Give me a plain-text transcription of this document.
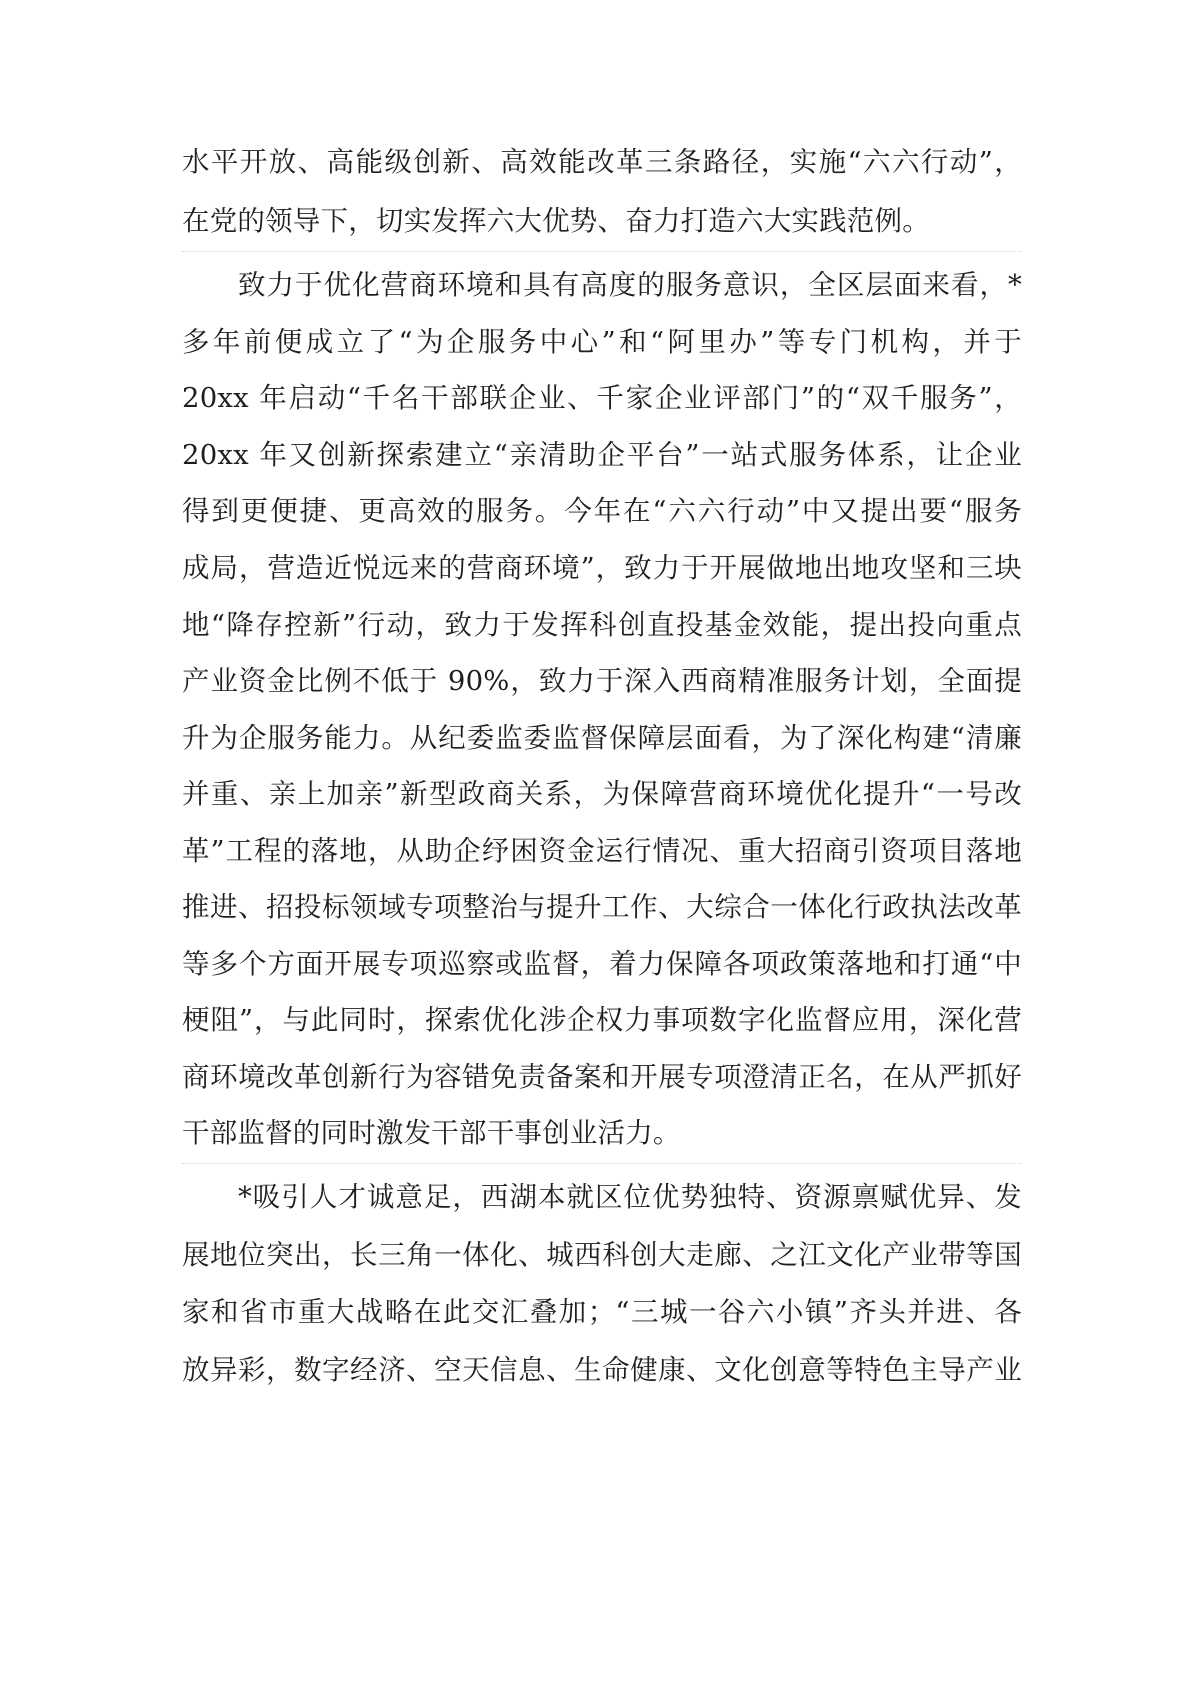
水平开放、高能级创新、高效能改革三条路径，实施“六六行动”，
在党的领导下，切实发挥六大优势、奋力打造六大实践范例。
致力于优化营商环境和具有高度的服务意识，全区层面来看，*
多年前便成立了“为企服务中心”和“阿里办”等专门机构，并于
20xx 年启动“千名干部联企业、千家企业评部门”的“双千服务”，
20xx 年又创新探索建立“亲清助企平台”一站式服务体系，让企业
得到更便捷、更高效的服务。今年在“六六行动”中又提出要“服务
成局，营造近悦远来的营商环境”，致力于开展做地出地攻坚和三块
地“降存控新”行动，致力于发挥科创直投基金效能，提出投向重点
产业资金比例不低于 90%，致力于深入西商精准服务计划，全面提
升为企服务能力。从纪委监委监督保障层面看，为了深化构建“清廉
并重、亲上加亲”新型政商关系，为保障营商环境优化提升“一号改
革”工程的落地，从助企纾困资金运行情况、重大招商引资项目落地
推进、招投标领域专项整治与提升工作、大综合一体化行政执法改革
等多个方面开展专项巡察或监督，着力保障各项政策落地和打通“中
梗阻”，与此同时，探索优化涉企权力事项数字化监督应用，深化营
商环境改革创新行为容错免责备案和开展专项澄清正名，在从严抓好
干部监督的同时激发干部干事创业活力。
*吸引人才诚意足，西湖本就区位优势独特、资源禀赋优异、发
展地位突出，长三角一体化、城西科创大走廊、之江文化产业带等国
家和省市重大战略在此交汇叠加；“三城一谷六小镇”齐头并进、各
放异彩，数字经济、空天信息、生命健康、文化创意等特色主导产业
